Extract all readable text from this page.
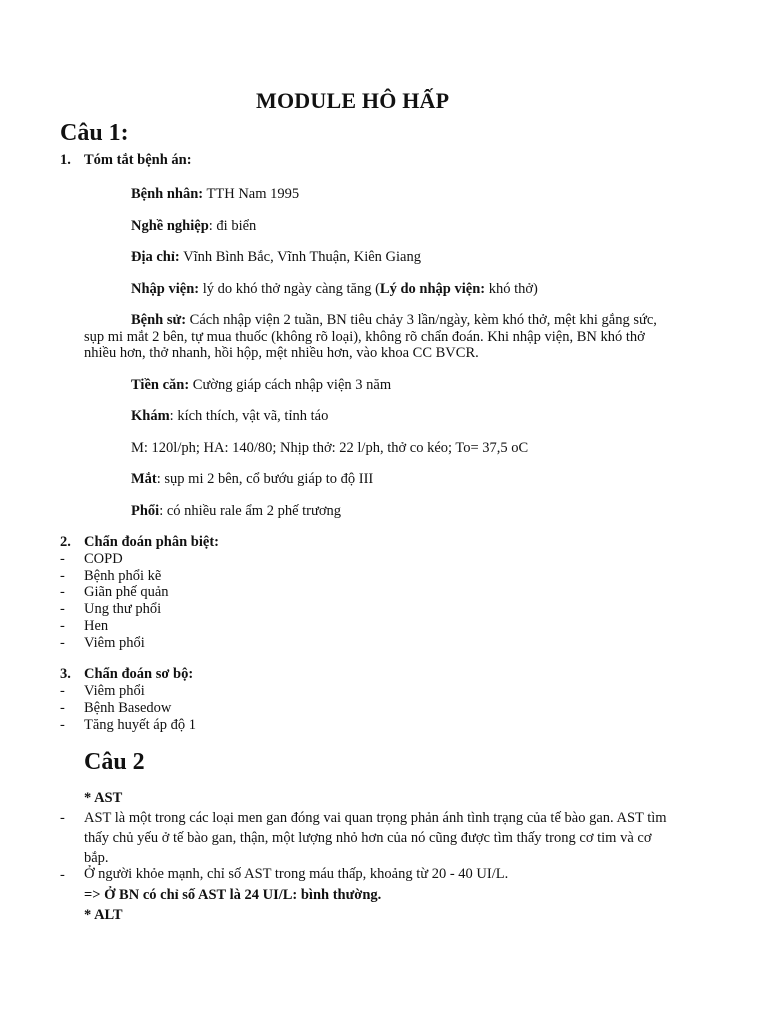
MODULE HÔ HẤP
Câu 1:
1. Tóm tắt bệnh án:
Bệnh nhân: TTH Nam 1995
Nghề nghiệp: đi biển
Địa chỉ: Vĩnh Bình Bắc, Vĩnh Thuận, Kiên Giang
Nhập viện: lý do khó thở ngày càng tăng (Lý do nhập viện: khó thở)
Bệnh sử: Cách nhập viện 2 tuần, BN tiêu chảy 3 lần/ngày, kèm khó thở, mệt khi gắng sức, sụp mi mắt 2 bên, tự mua thuốc (không rõ loại), không rõ chẩn đoán. Khi nhập viện, BN khó thở nhiều hơn, thở nhanh, hồi hộp, mệt nhiều hơn, vào khoa CC BVCR.
Tiền căn: Cường giáp cách nhập viện 3 năm
Khám: kích thích, vật vã, tỉnh táo
M: 120l/ph; HA: 140/80; Nhịp thở: 22 l/ph, thở co kéo; To= 37,5 oC
Mắt: sụp mi 2 bên, cổ bướu giáp to độ III
Phổi: có nhiều rale ẩm 2 phế trương
2. Chẩn đoán phân biệt:
- COPD
- Bệnh phổi kẽ
- Giãn phế quản
- Ung thư phổi
- Hen
- Viêm phổi
3. Chẩn đoán sơ bộ:
- Viêm phổi
- Bệnh Basedow
- Tăng huyết áp độ 1
Câu 2
* AST
- AST là một trong các loại men gan đóng vai quan trọng phản ánh tình trạng của tế bào gan. AST tìm thấy chủ yếu ở tế bào gan, thận, một lượng nhỏ hơn của nó cũng được tìm thấy trong cơ tim và cơ bắp.
- Ở người khỏe mạnh, chỉ số AST trong máu thấp, khoảng từ 20 - 40 UI/L.
=> Ở BN có chỉ số AST là 24 UI/L: bình thường.
* ALT
